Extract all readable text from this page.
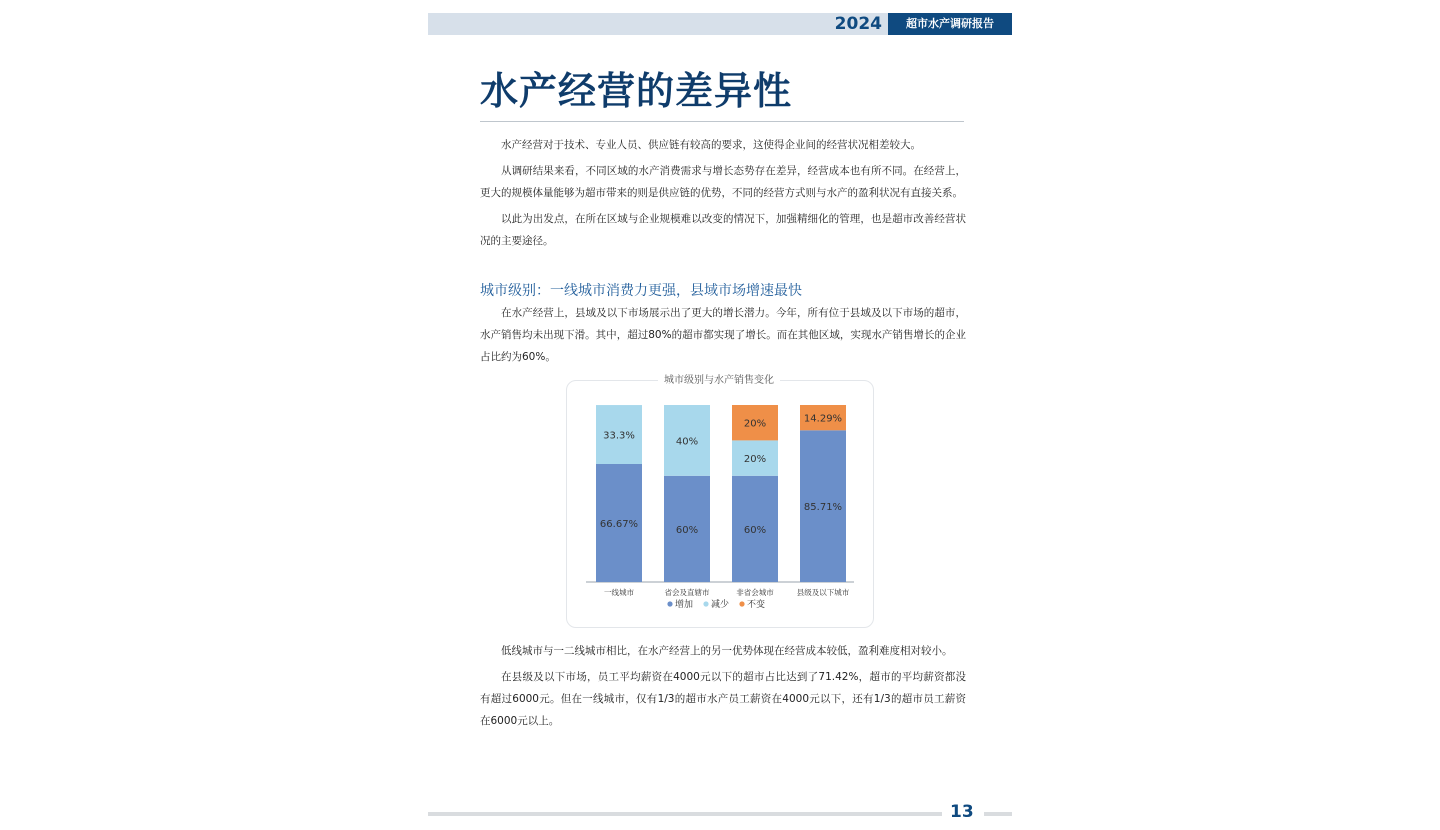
2024	超市水产调研报告
水产经营的差异性

水产经营对于技术、专业人员、供应链有较高的要求，这使得企业间的经营状况相差较大。

从调研结果来看，不同区域的水产消费需求与增长态势存在差异，经营成本也有所不同。在经营上，更大的规模体量能够为超市带来的则是供应链的优势，不同的经营方式则与水产的盈利状况有直接关系。

以此为出发点，在所在区域与企业规模难以改变的情况下，加强精细化的管理，也是超市改善经营状况的主要途径。

城市级别：一线城市消费力更强，县域市场增速最快

在水产经营上，县域及以下市场展示出了更大的增长潜力。今年，所有位于县域及以下市场的超市，水产销售均未出现下滑。其中，超过80%的超市都实现了增长。而在其他区域，实现水产销售增长的企业占比约为60%。

66.67%
33.3%
一线城市
60%
40%
省会及直辖市
60%
20%
20%
非省会城市
85.71%
14.29%
县级及以下城市
增加 减少 不变
城市级别与水产销售变化

低线城市与一二线城市相比，在水产经营上的另一优势体现在经营成本较低，盈利难度相对较小。

在县级及以下市场，员工平均薪资在4000元以下的超市占比达到了71.42%，超市的平均薪资都没有超过6000元。但在一线城市，仅有1/3的超市水产员工薪资在4000元以下，还有1/3的超市员工薪资在6000元以上。

13
